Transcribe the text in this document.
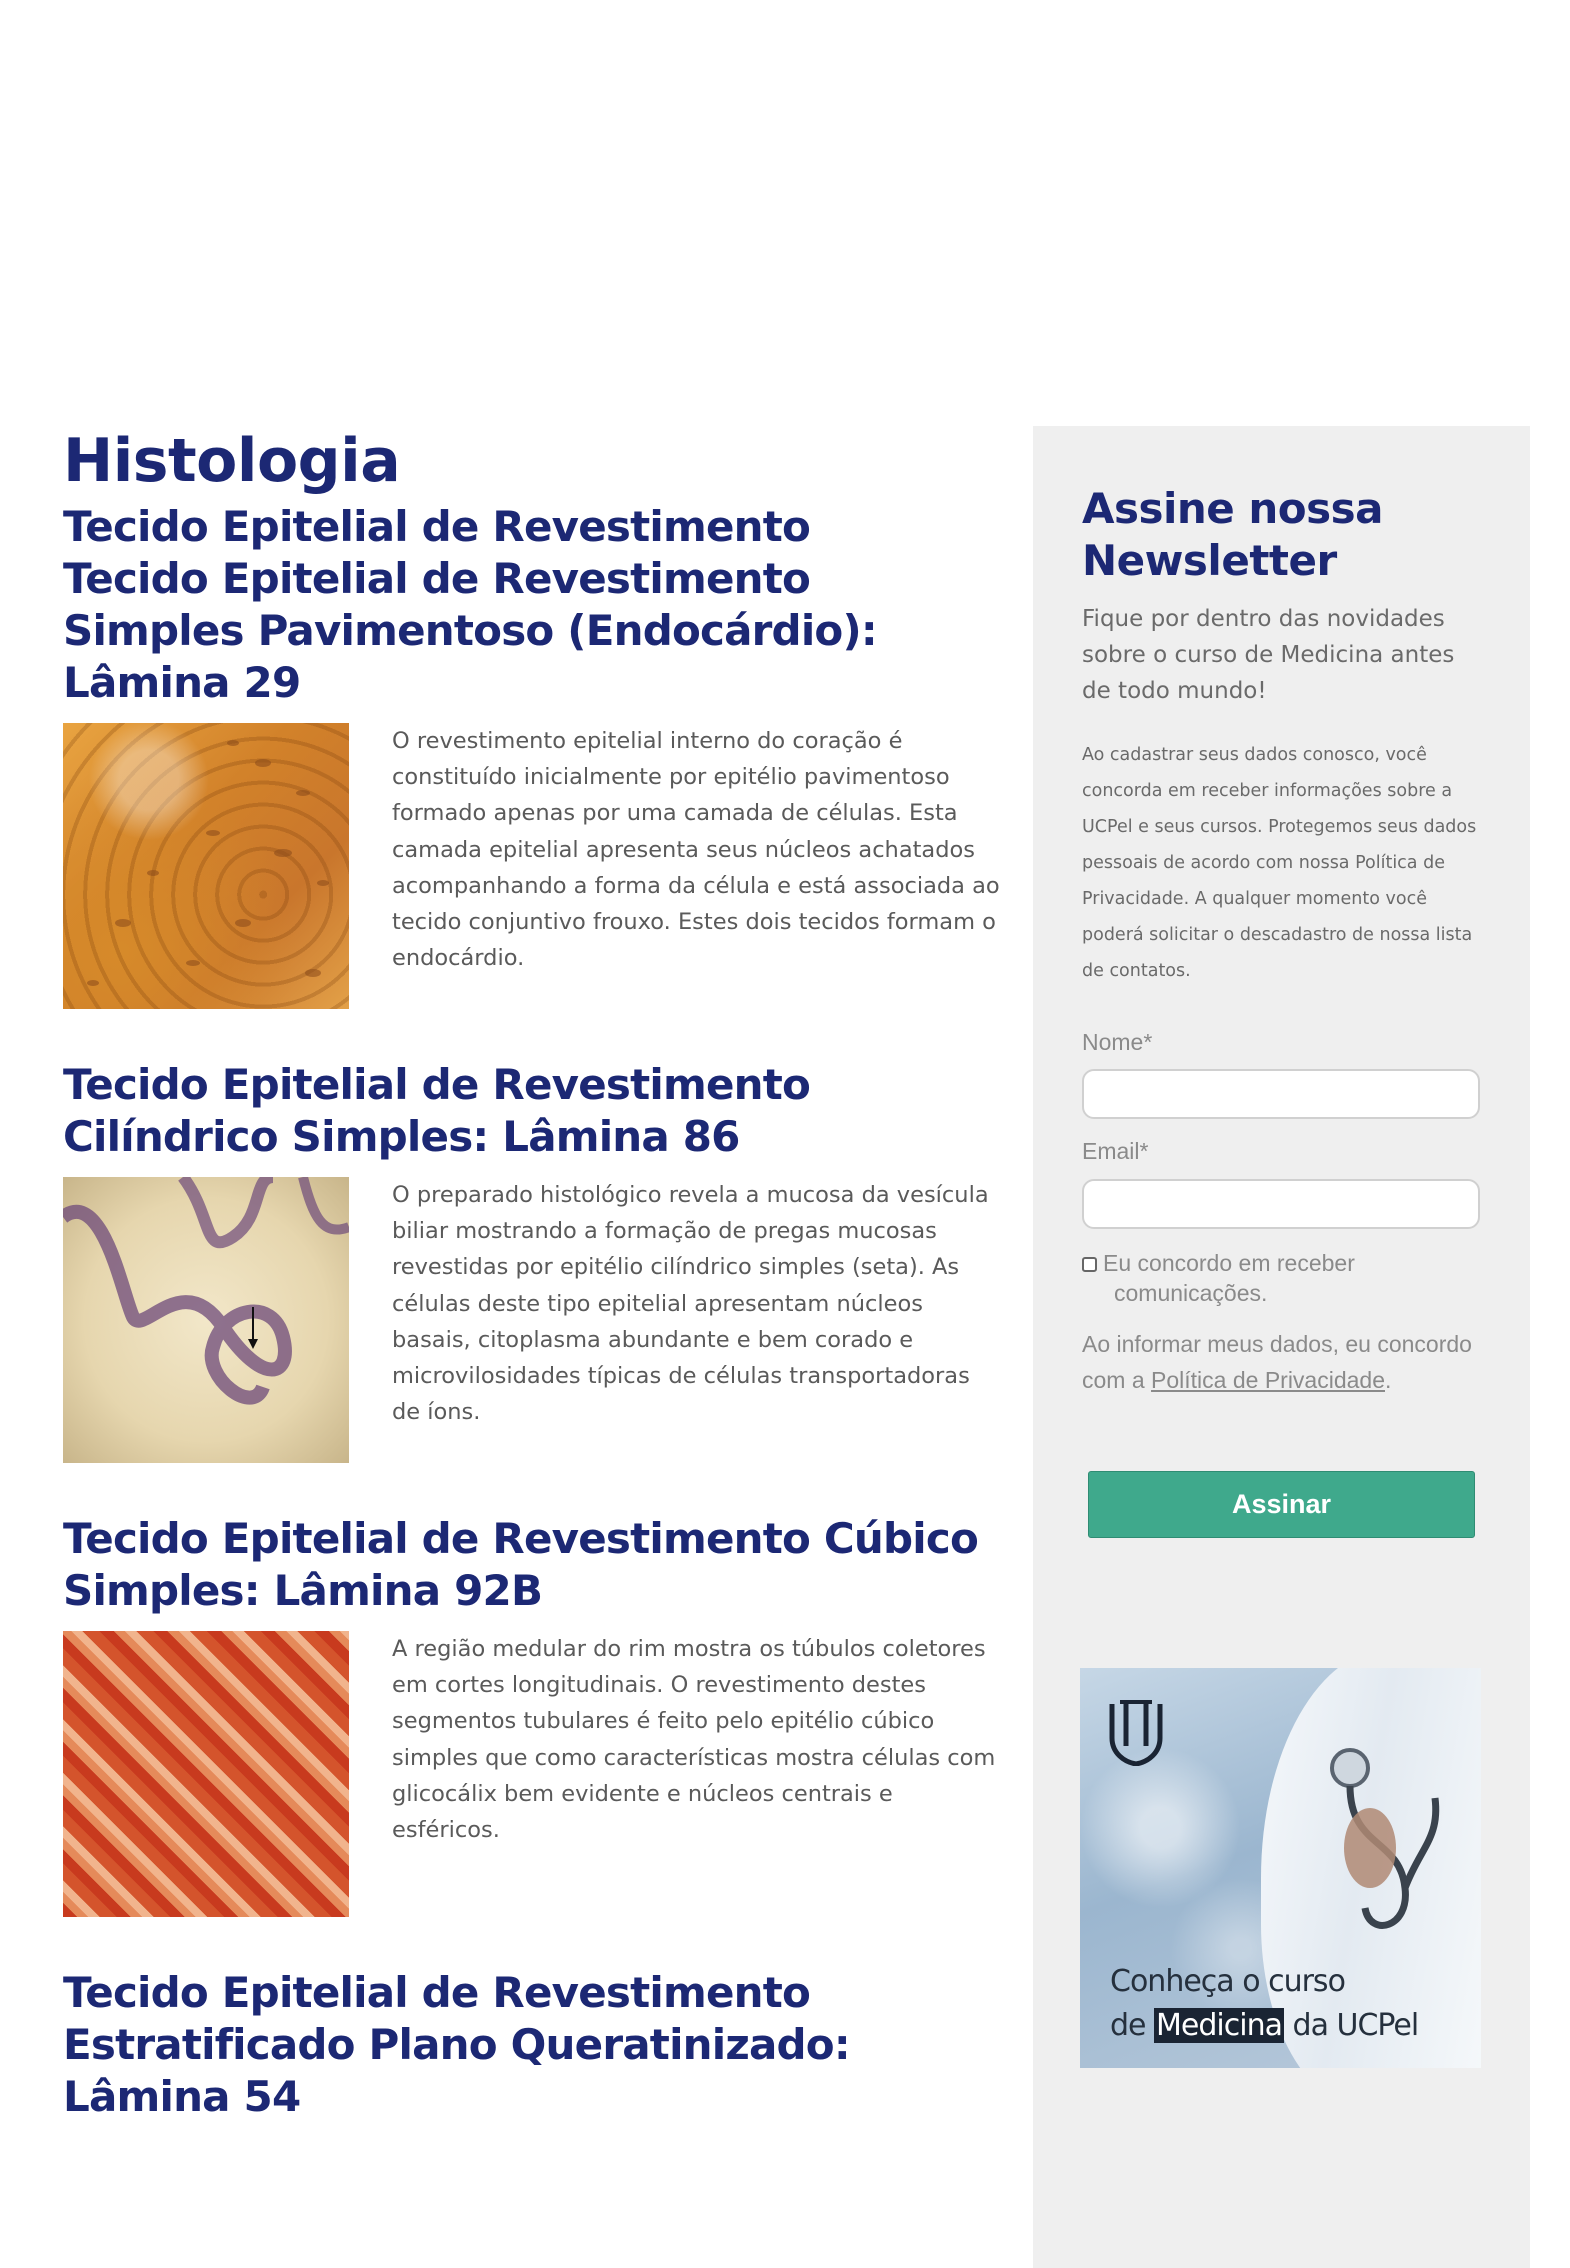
Histologia
Tecido Epitelial de Revestimento
Tecido Epitelial de Revestimento Simples Pavimentoso (Endocárdio): Lâmina 29

O revestimento epitelial interno do coração é constituído inicialmente por epitélio pavimentoso formado apenas por uma camada de células. Esta camada epitelial apresenta seus núcleos achatados acompanhando a forma da célula e está associada ao tecido conjuntivo frouxo. Estes dois tecidos formam o endocárdio.

Tecido Epitelial de Revestimento Cilíndrico Simples: Lâmina 86

O preparado histológico revela a mucosa da vesícula biliar mostrando a formação de pregas mucosas revestidas por epitélio cilíndrico simples (seta). As células deste tipo epitelial apresentam núcleos basais, citoplasma abundante e bem corado e microvilosidades típicas de células transportadoras de íons.

Tecido Epitelial de Revestimento Cúbico Simples: Lâmina 92B

A região medular do rim mostra os túbulos coletores em cortes longitudinais. O revestimento destes segmentos tubulares é feito pelo epitélio cúbico simples que como características mostra células com glicocálix bem evidente e núcleos centrais e esféricos.

Tecido Epitelial de Revestimento Estratificado Plano Queratinizado: Lâmina 54
Assine nossa Newsletter

Fique por dentro das novidades sobre o curso de Medicina antes de todo mundo!

Ao cadastrar seus dados conosco, você concorda em receber informações sobre a UCPel e seus cursos. Protegemos seus dados pessoais de acordo com nossa Política de Privacidade. A qualquer momento você poderá solicitar o descadastro de nossa lista de contatos.

Nome*
Email*
Eu concordo em receber
comunicações.

Ao informar meus dados, eu concordo com a Política de Privacidade.

Assinar
Conheça o curso
de Medicina da UCPel
